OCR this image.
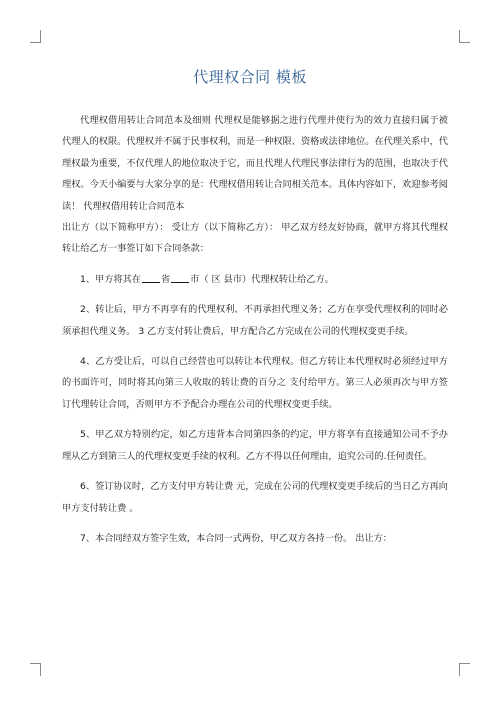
代理权合同 模板

代理权借用转让合同范本及细则 代理权是能够据之进行代理并使行为的效力直接归属于被代理人的权限。代理权并不属于民事权利，而是一种权限、资格或法律地位。在代理关系中，代理权最为重要，不仅代理人的地位取决于它，而且代理人代理民事法律行为的范围，也取决于代理权。今天小编要与大家分享的是：代理权借用转让合同相关范本。具体内容如下，欢迎参考阅读！ 代理权借用转让合同范本

出让方（以下简称甲方）： 受让方（以下简称乙方）： 甲乙双方经友好协商，就甲方将其代理权转让给乙方一事签订如下合同条款：

1、甲方将其在 省 市（ 区 县市）代理权转让给乙方。

2、转让后，甲方不再享有的代理权利、不再承担代理义务；乙方在享受代理权利的同时必须承担代理义务。 3 乙方支付转让费后，甲方配合乙方完成在公司的代理权变更手续。

4、乙方受让后，可以自己经营也可以转让本代理权。但乙方转让本代理权时必须经过甲方的书面许可，同时将其向第三人收取的转让费的百分之 支付给甲方。第三人必须再次与甲方签订代理转让合同，否则甲方不予配合办理在公司的代理权变更手续。

5、甲乙双方特别约定，如乙方违背本合同第四条的约定，甲方将享有直接通知公司不予办理从乙方到第三人的代理权变更手续的权利。乙方不得以任何理由，追究公司的.任何责任。

6、签订协议时，乙方支付甲方转让费 元，完成在公司的代理权变更手续后的当日乙方再向甲方支付转让费 。

7、本合同经双方签字生效，本合同一式两份，甲乙双方各持一份。 出让方：
